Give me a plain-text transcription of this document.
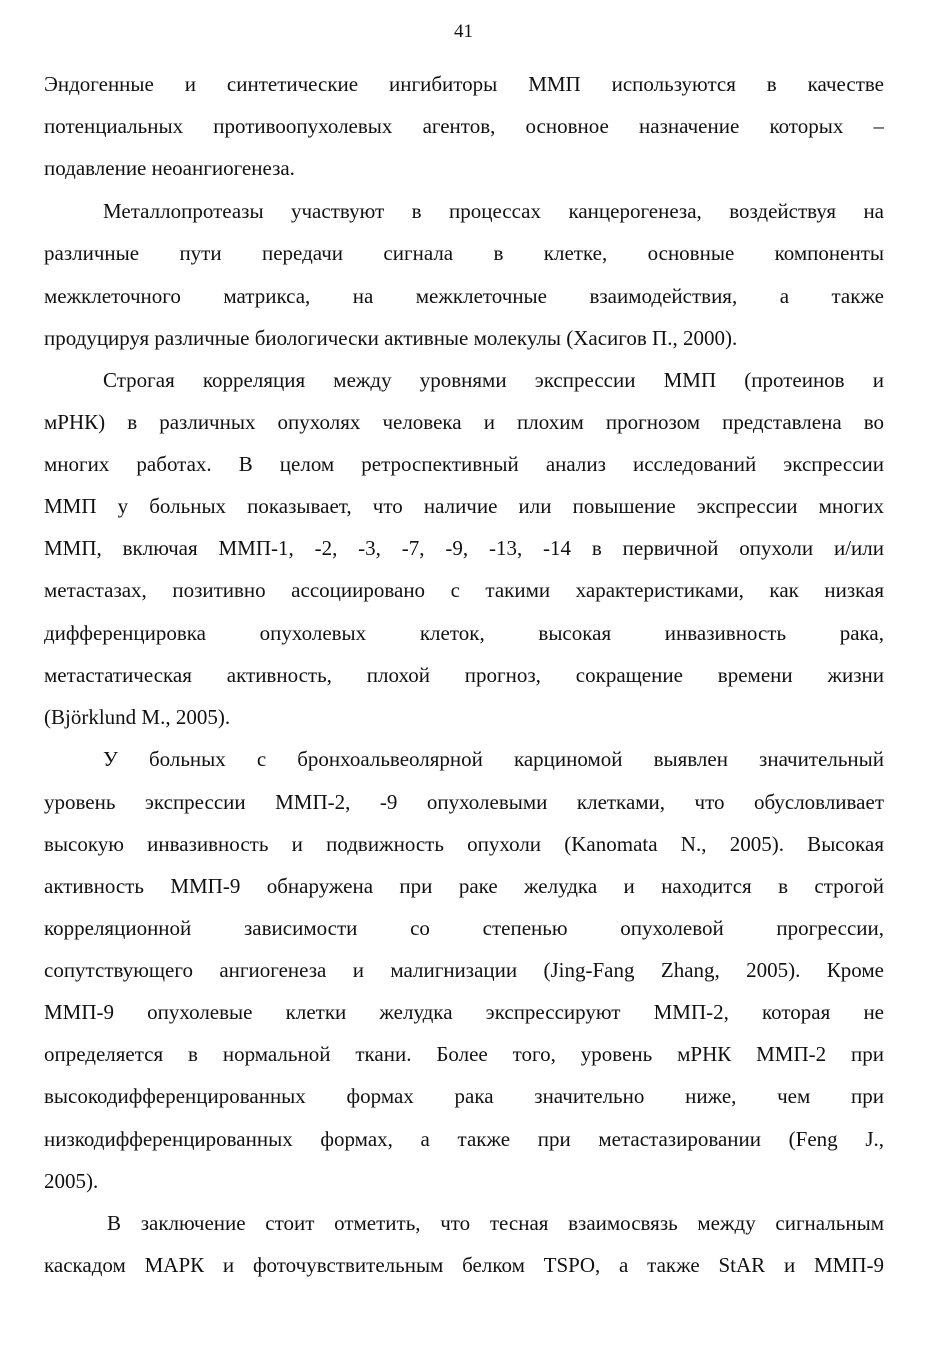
41
Эндогенные и синтетические ингибиторы ММП используются в качестве
потенциальных противоопухолевых агентов, основное назначение которых –
подавление неоангиогенеза.
Металлопротеазы участвуют в процессах канцерогенеза, воздействуя на
различные пути передачи сигнала в клетке, основные компоненты
межклеточного матрикса, на межклеточные взаимодействия, а также
продуцируя различные биологически активные молекулы (Хасигов П., 2000).
Строгая корреляция между уровнями экспрессии ММП (протеинов и
мРНК) в различных опухолях человека и плохим прогнозом представлена во
многих работах. В целом ретроспективный анализ исследований экспрессии
ММП у больных показывает, что наличие или повышение экспрессии многих
ММП, включая ММП-1, -2, -3, -7, -9, -13, -14 в первичной опухоли и/или
метастазах, позитивно ассоциировано с такими характеристиками, как низкая
дифференцировка опухолевых клеток, высокая инвазивность рака,
метастатическая активность, плохой прогноз, сокращение времени жизни
(Björklund M., 2005).
У больных с бронхоальвеолярной карциномой выявлен значительный
уровень экспрессии ММП-2, -9 опухолевыми клетками, что обусловливает
высокую инвазивность и подвижность опухоли (Kanomata N., 2005). Высокая
активность ММП-9 обнаружена при раке желудка и находится в строгой
корреляционной зависимости со степенью опухолевой прогрессии,
сопутствующего ангиогенеза и малигнизации (Jing-Fang Zhang, 2005). Кроме
ММП-9 опухолевые клетки желудка экспрессируют ММП-2, которая не
определяется в нормальной ткани. Более того, уровень мРНК ММП-2 при
высокодифференцированных формах рака значительно ниже, чем при
низкодифференцированных формах, а также при метастазировании (Feng J.,
2005).
В заключение стоит отметить, что тесная взаимосвязь между сигнальным
каскадом МАРК и фоточувствительным белком TSPO, а также StAR и ММП-9
